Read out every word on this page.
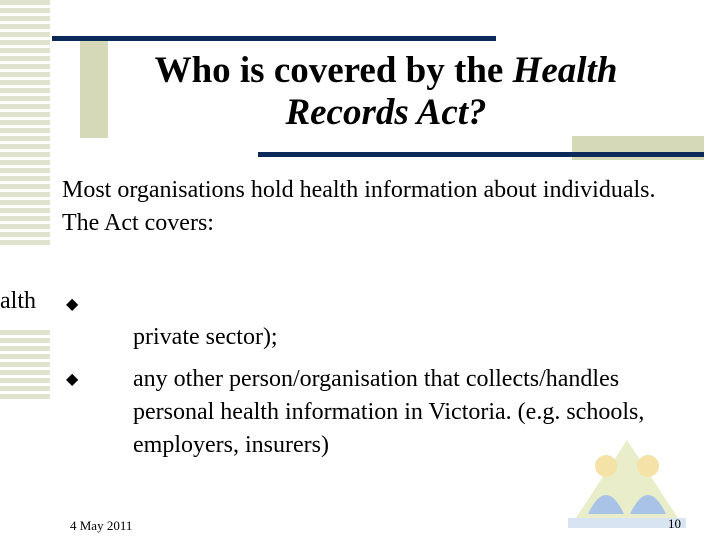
Who is covered by the Health
Records Act?
alth

Most organisations hold health information about individuals.

The Act covers:

◆
private sector);
◆ any other person/organisation that collects/handles personal health information in Victoria. (e.g. schools, employers, insurers)
4 May 2011	10
